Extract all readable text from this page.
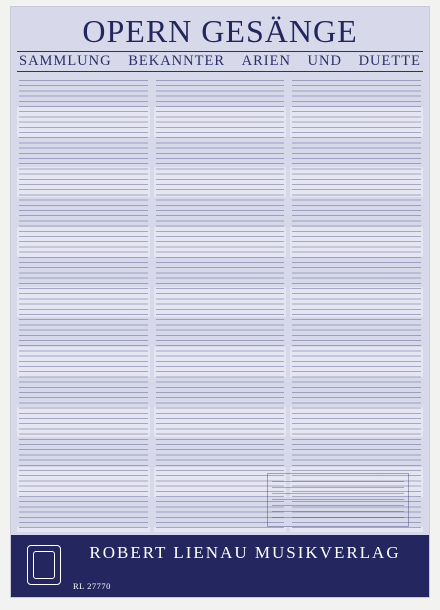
OPERN GESÄNGE
SAMMLUNG BEKANNTER ARIEN UND DUETTE
ROBERT LIENAU MUSIKVERLAG
RL 27770
